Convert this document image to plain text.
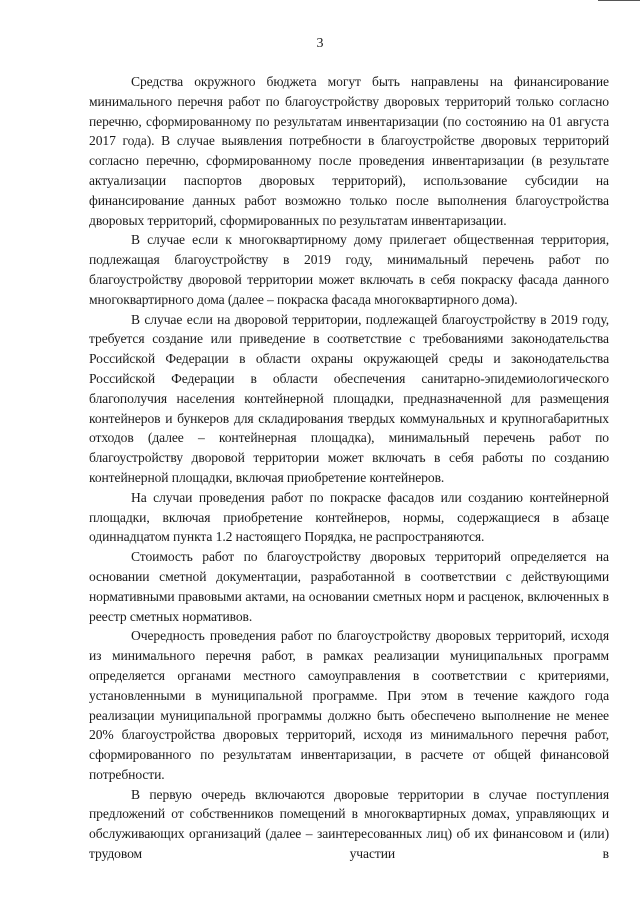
3

Средства окружного бюджета могут быть направлены на финансирование минимального перечня работ по благоустройству дворовых территорий только согласно перечню, сформированному по результатам инвентаризации (по состоянию на 01 августа 2017 года). В случае выявления потребности в благоустройстве дворовых территорий согласно перечню, сформированному после проведения инвентаризации (в результате актуализации паспортов дворовых территорий), использование субсидии на финансирование данных работ возможно только после выполнения благоустройства дворовых территорий, сформированных по результатам инвентаризации.

В случае если к многоквартирному дому прилегает общественная территория, подлежащая благоустройству в 2019 году, минимальный перечень работ по благоустройству дворовой территории может включать в себя покраску фасада данного многоквартирного дома (далее – покраска фасада многоквартирного дома).

В случае если на дворовой территории, подлежащей благоустройству в 2019 году, требуется создание или приведение в соответствие с требованиями законодательства Российской Федерации в области охраны окружающей среды и законодательства Российской Федерации в области обеспечения санитарно-эпидемиологического благополучия населения контейнерной площадки, предназначенной для размещения контейнеров и бункеров для складирования твердых коммунальных и крупногабаритных отходов (далее – контейнерная площадка), минимальный перечень работ по благоустройству дворовой территории может включать в себя работы по созданию контейнерной площадки, включая приобретение контейнеров.

На случаи проведения работ по покраске фасадов или созданию контейнерной площадки, включая приобретение контейнеров, нормы, содержащиеся в абзаце одиннадцатом пункта 1.2 настоящего Порядка, не распространяются.

Стоимость работ по благоустройству дворовых территорий определяется на основании сметной документации, разработанной в соответствии с действующими нормативными правовыми актами, на основании сметных норм и расценок, включенных в реестр сметных нормативов.

Очередность проведения работ по благоустройству дворовых территорий, исходя из минимального перечня работ, в рамках реализации муниципальных программ определяется органами местного самоуправления в соответствии с критериями, установленными в муниципальной программе. При этом в течение каждого года реализации муниципальной программы должно быть обеспечено выполнение не менее 20% благоустройства дворовых территорий, исходя из минимального перечня работ, сформированного по результатам инвентаризации, в расчете от общей финансовой потребности.

В первую очередь включаются дворовые территории в случае поступления предложений от собственников помещений в многоквартирных домах, управляющих и обслуживающих организаций (далее – заинтересованных лиц) об их финансовом и (или) трудовом участии в
